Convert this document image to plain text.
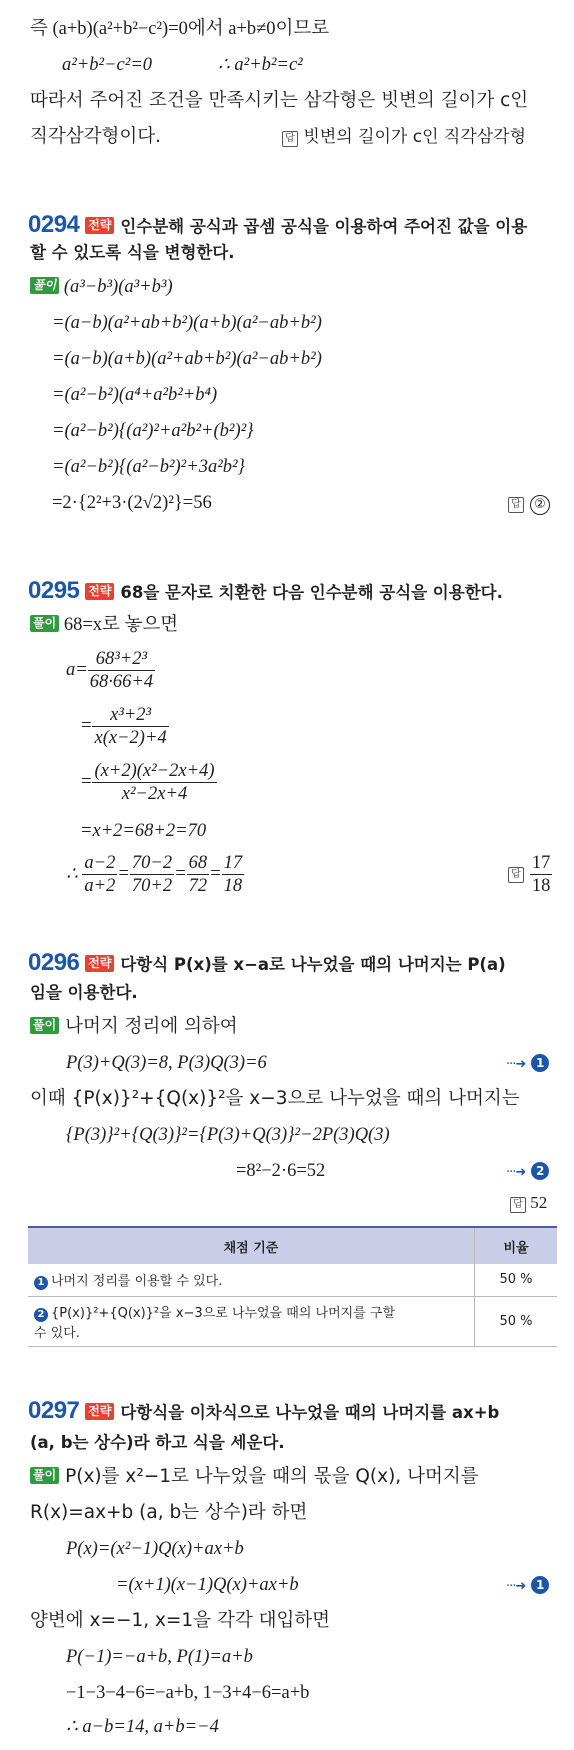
즉 (a+b)(a²+b²−c²)=0에서 a+b≠0이므로
a²+b²−c²=0	∴ a²+b²=c²
따라서 주어진 조건을 만족시키는 삼각형은 빗변의 길이가 c인
직각삼각형이다.	답 빗변의 길이가 c인 직각삼각형
0294 전략 인수분해 공식과 곱셈 공식을 이용하여 주어진 값을 이용
할 수 있도록 식을 변형한다.
풀이 (a³−b³)(a³+b³)
=(a−b)(a²+ab+b²)(a+b)(a²−ab+b²)
=(a−b)(a+b)(a²+ab+b²)(a²−ab+b²)
=(a²−b²)(a⁴+a²b²+b⁴)
=(a²−b²){(a²)²+a²b²+(b²)²}
=(a²−b²){(a²−b²)²+3a²b²}
=2·{2²+3·(2√2)²}=56	답 ②
0295 전략 68을 문자로 치환한 다음 인수분해 공식을 이용한다.
풀이 68=x로 놓으면
$a= \frac{\text{68³+2³}}{68\cdot 66+4}$
= $\frac{\text{x³+2³}}{x(x-2)+4}$
= $\frac{\text{(x+2)(x²−2x+4)}}{\text{x²−2x+4}}$
=x+2=68+2=70
∴ $\frac{a-2}{a+2} = \frac{70-2}{70+2} = \frac{68}{72} = \frac{17}{18}$	답 $\frac{17}{18}$
0296 전략 다항식 P(x)를 x−a로 나누었을 때의 나머지는 P(a)
임을 이용한다.
풀이 나머지 정리에 의하여
P(3)+Q(3)=8, P(3)Q(3)=6	···➜ 1
이때 {P(x)}²+{Q(x)}²을 x−3으로 나누었을 때의 나머지는
{P(3)}²+{Q(3)}²={P(3)+Q(3)}²−2P(3)Q(3)
=8²−2·6=52	···➜ 2
답 52
채점 기준	비율
1 나머지 정리를 이용할 수 있다.	50 %
2 {P(x)}²+{Q(x)}²을 x−3으로 나누었을 때의 나머지를 구할
수 있다.	50 %
0297 전략 다항식을 이차식으로 나누었을 때의 나머지를 ax+b
(a, b는 상수)라 하고 식을 세운다.
풀이 P(x)를 x²−1로 나누었을 때의 몫을 Q(x), 나머지를
R(x)=ax+b (a, b는 상수)라 하면
P(x)=(x²−1)Q(x)+ax+b
=(x+1)(x−1)Q(x)+ax+b	···➜ 1
양변에 x=−1, x=1을 각각 대입하면
P(−1)=−a+b, P(1)=a+b
−1−3−4−6=−a+b, 1−3+4−6=a+b
∴ a−b=14, a+b=−4
